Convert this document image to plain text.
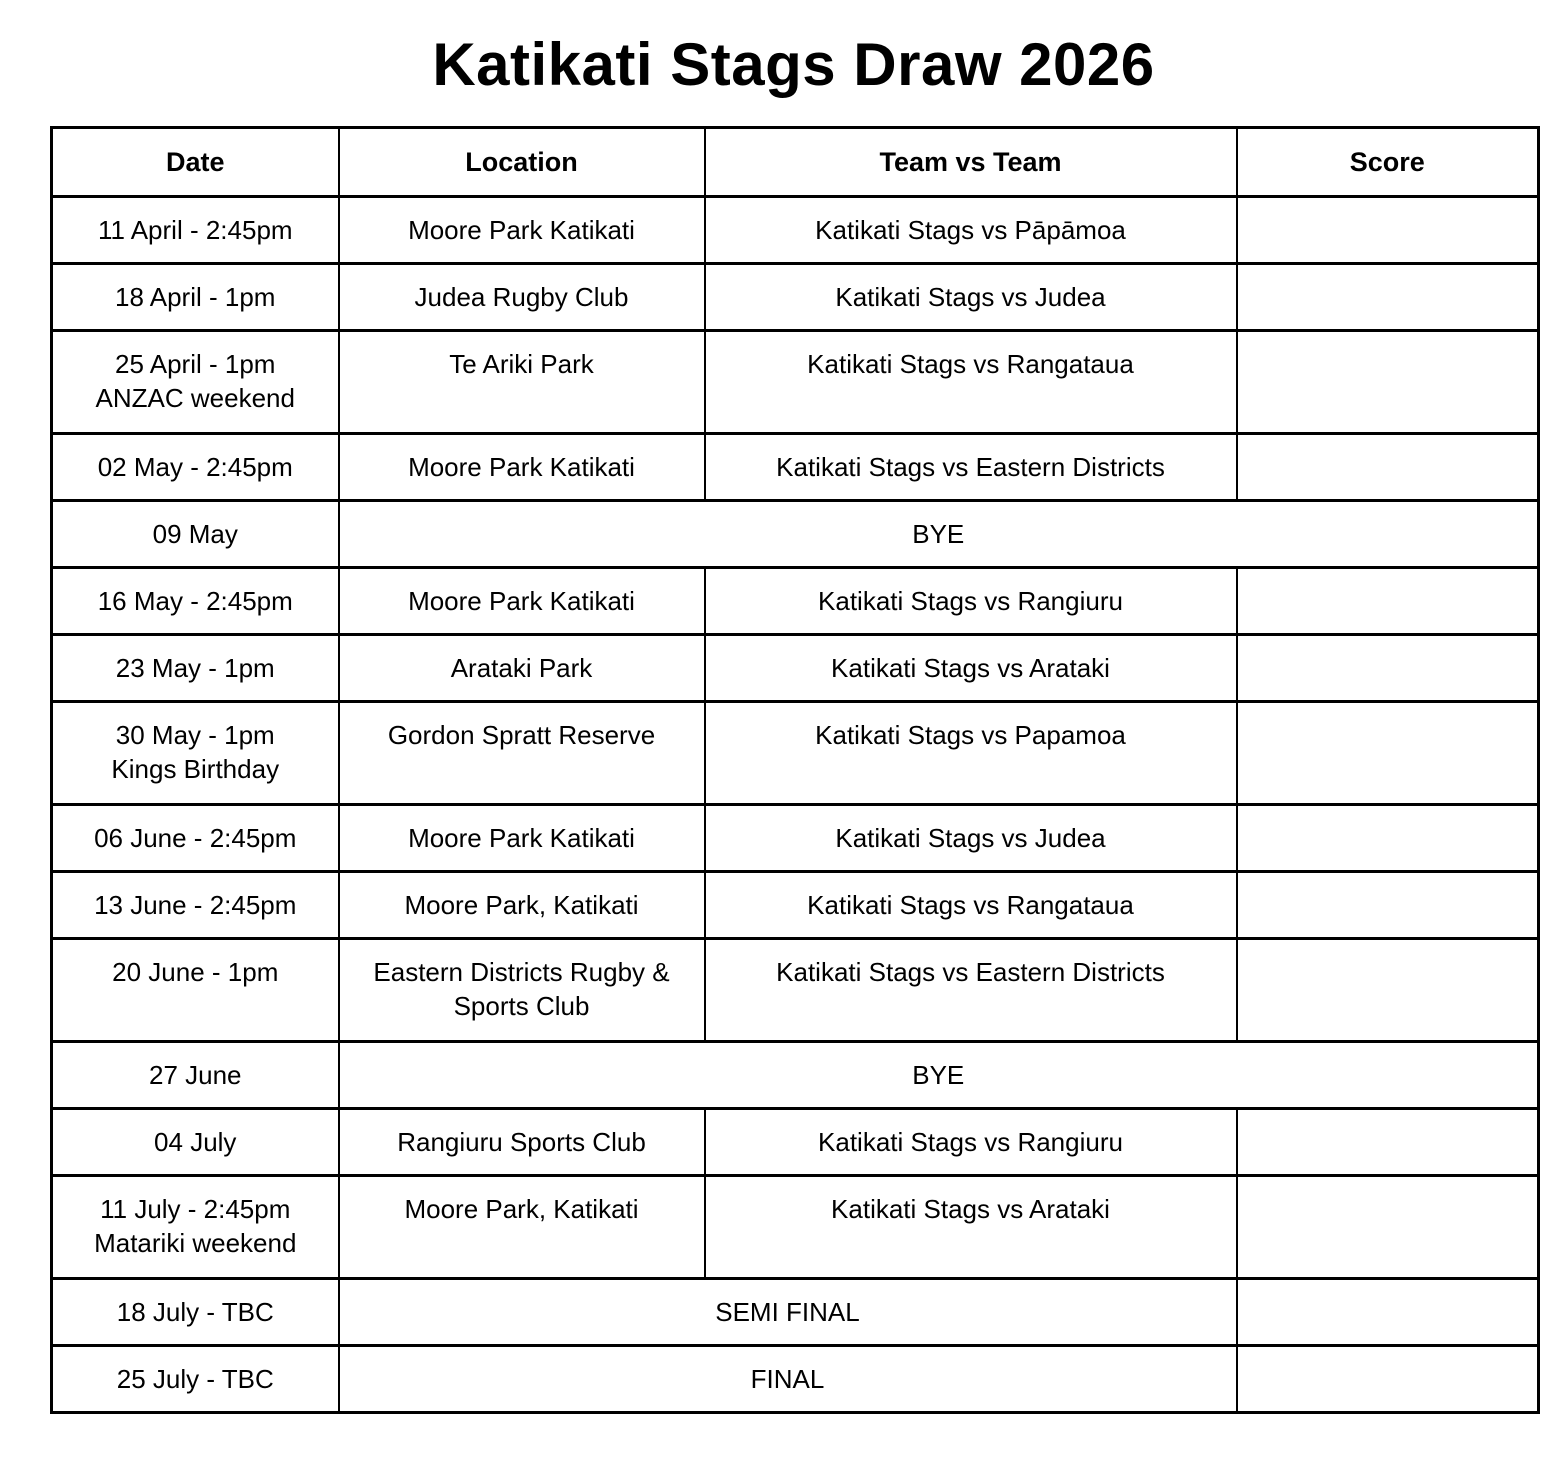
Katikati Stags Draw 2026
Date	Location	Team vs Team	Score
11 April - 2:45pm	Moore Park Katikati	Katikati Stags vs Pāpāmoa	
18 April - 1pm	Judea Rugby Club	Katikati Stags vs Judea	

25 April - 1pm
ANZAC weekend	Te Ariki Park	Katikati Stags vs Rangataua	
02 May - 2:45pm	Moore Park Katikati	Katikati Stags vs Eastern Districts	
09 May	BYE		
16 May - 2:45pm	Moore Park Katikati	Katikati Stags vs Rangiuru	
23 May - 1pm	Arataki Park	Katikati Stags vs Arataki	

30 May - 1pm
Kings Birthday	Gordon Spratt Reserve	Katikati Stags vs Papamoa	
06 June - 2:45pm	Moore Park Katikati	Katikati Stags vs Judea	
13 June - 2:45pm	Moore Park, Katikati	Katikati Stags vs Rangataua	
20 June - 1pm	Eastern Districts Rugby & Sports Club	Katikati Stags vs Eastern Districts	
27 June	BYE		
04 July	Rangiuru Sports Club	Katikati Stags vs Rangiuru	

11 July - 2:45pm
Matariki weekend	Moore Park, Katikati	Katikati Stags vs Arataki	
18 July - TBC	SEMI FINAL		
25 July - TBC	FINAL		
